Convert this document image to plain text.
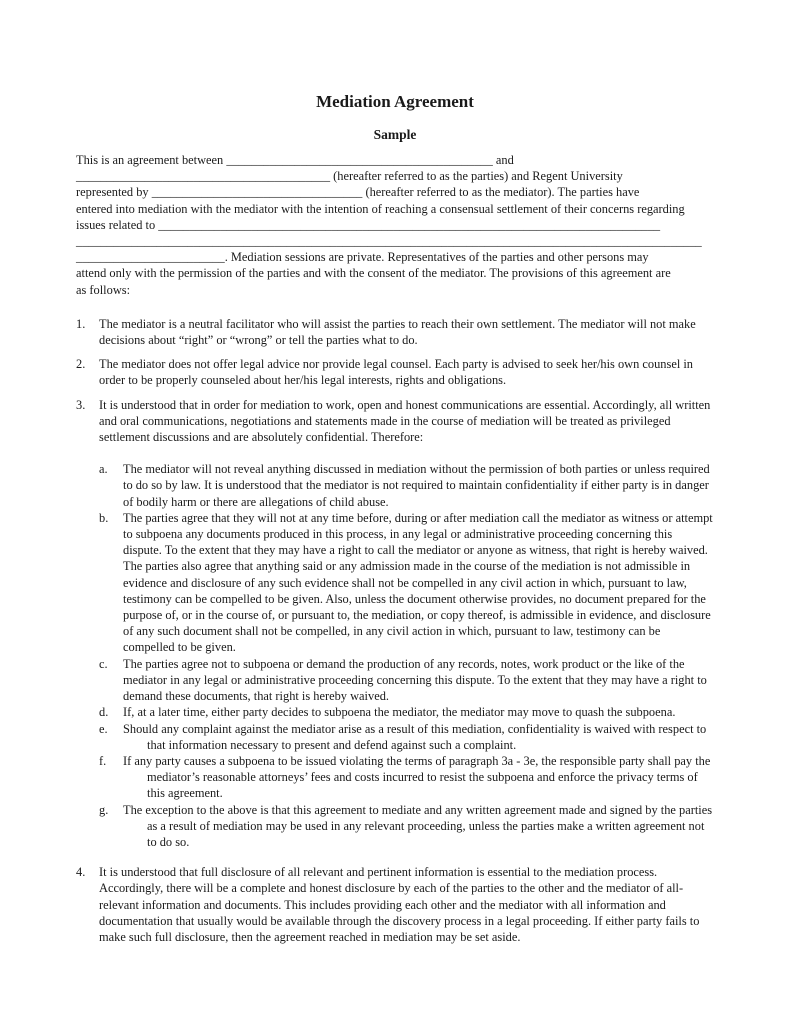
Mediation Agreement
Sample
This is an agreement between ___________________________________________ and
_________________________________________ (hereafter referred to as the parties) and Regent University
represented by __________________________________ (hereafter referred to as the mediator). The parties have
entered into mediation with the mediator with the intention of reaching a consensual settlement of their concerns regarding
issues related to _________________________________________________________________________________
_____________________________________________________________________________________________________
________________________. Mediation sessions are private. Representatives of the parties and other persons may
attend only with the permission of the parties and with the consent of the mediator. The provisions of this agreement are
as follows:
1. The mediator is a neutral facilitator who will assist the parties to reach their own settlement. The mediator will not make decisions about “right” or “wrong” or tell the parties what to do.
2. The mediator does not offer legal advice nor provide legal counsel. Each party is advised to seek her/his own counsel in order to be properly counseled about her/his legal interests, rights and obligations.
3. It is understood that in order for mediation to work, open and honest communications are essential. Accordingly, all written and oral communications, negotiations and statements made in the course of mediation will be treated as privileged settlement discussions and are absolutely confidential. Therefore:
a. The mediator will not reveal anything discussed in mediation without the permission of both parties or unless required to do so by law. It is understood that the mediator is not required to maintain confidentiality if either party is in danger of bodily harm or there are allegations of child abuse.
b. The parties agree that they will not at any time before, during or after mediation call the mediator as witness or attempt to subpoena any documents produced in this process, in any legal or administrative proceeding concerning this dispute. To the extent that they may have a right to call the mediator or anyone as witness, that right is hereby waived. The parties also agree that anything said or any admission made in the course of the mediation is not admissible in evidence and disclosure of any such evidence shall not be compelled in any civil action in which, pursuant to law, testimony can be compelled to be given. Also, unless the document otherwise provides, no document prepared for the purpose of, or in the course of, or pursuant to, the mediation, or copy thereof, is admissible in evidence, and disclosure of any such document shall not be compelled, in any civil action in which, pursuant to law, testimony can be compelled to be given.
c. The parties agree not to subpoena or demand the production of any records, notes, work product or the like of the mediator in any legal or administrative proceeding concerning this dispute. To the extent that they may have a right to demand these documents, that right is hereby waived.
d. If, at a later time, either party decides to subpoena the mediator, the mediator may move to quash the subpoena.
e. Should any complaint against the mediator arise as a result of this mediation, confidentiality is waived with respect to that information necessary to present and defend against such a complaint.
f. If any party causes a subpoena to be issued violating the terms of paragraph 3a - 3e, the responsible party shall pay the mediator’s reasonable attorneys’ fees and costs incurred to resist the subpoena and enforce the privacy terms of this agreement.
g. The exception to the above is that this agreement to mediate and any written agreement made and signed by the parties as a result of mediation may be used in any relevant proceeding, unless the parties make a written agreement not to do so.
4. It is understood that full disclosure of all relevant and pertinent information is essential to the mediation process. Accordingly, there will be a complete and honest disclosure by each of the parties to the other and the mediator of all-relevant information and documents. This includes providing each other and the mediator with all information and documentation that usually would be available through the discovery process in a legal proceeding. If either party fails to make such full disclosure, then the agreement reached in mediation may be set aside.
